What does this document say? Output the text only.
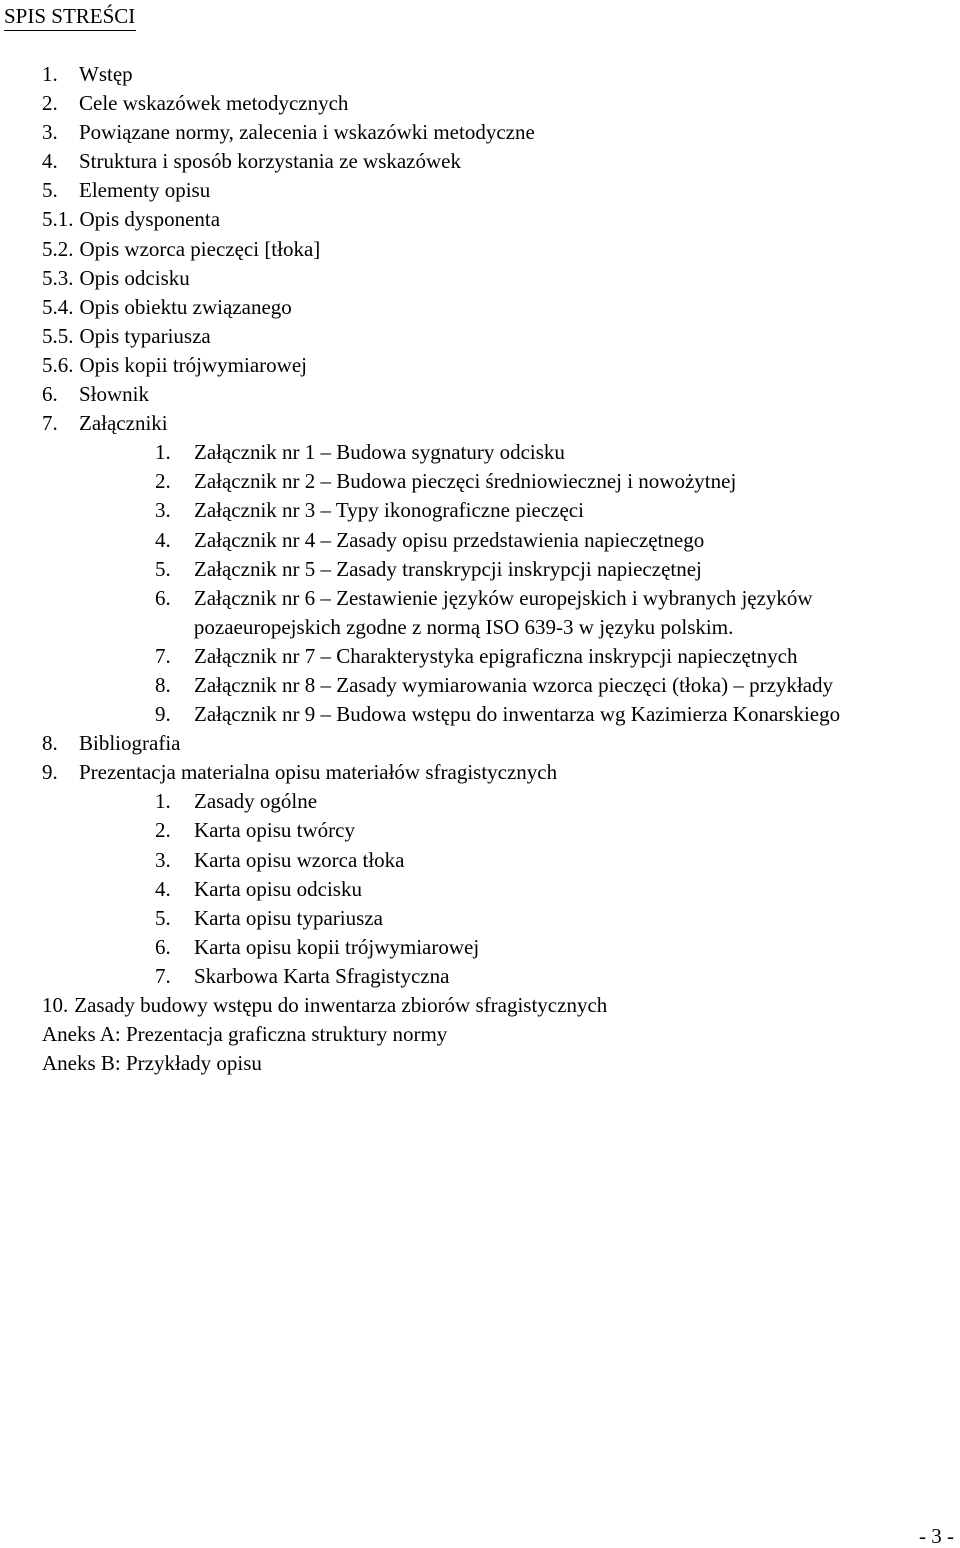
SPIS STREŚCI
1.	Wstęp
2.	Cele wskazówek metodycznych
3.	Powiązane normy, zalecenia i wskazówki metodyczne
4.	Struktura i sposób korzystania ze wskazówek
5.	Elementy opisu
5.1. Opis dysponenta
5.2. Opis wzorca pieczęci [tłoka]
5.3. Opis odcisku
5.4. Opis obiektu związanego
5.5. Opis typariusza
5.6. Opis kopii trójwymiarowej
6.	Słownik
7.	Załączniki
1.	Załącznik nr 1 – Budowa sygnatury odcisku
2.	Załącznik nr 2 – Budowa pieczęci średniowiecznej i nowożytnej
3.	Załącznik nr 3 – Typy ikonograficzne pieczęci
4.	Załącznik nr 4 – Zasady opisu przedstawienia napieczętnego
5.	Załącznik nr 5 – Zasady transkrypcji inskrypcji napieczętnej
6.	Załącznik nr 6 – Zestawienie języków europejskich i wybranych języków pozaeuropejskich zgodne z normą ISO 639-3 w języku polskim.
7.	Załącznik nr 7 – Charakterystyka epigraficzna inskrypcji napieczętnych
8.	Załącznik nr 8 – Zasady wymiarowania wzorca pieczęci (tłoka) – przykłady
9.	Załącznik nr 9 – Budowa wstępu do inwentarza wg Kazimierza Konarskiego
8.	Bibliografia
9.	Prezentacja materialna opisu materiałów sfragistycznych
1.	Zasady ogólne
2.	Karta opisu twórcy
3.	Karta opisu wzorca tłoka
4.	Karta opisu odcisku
5.	Karta opisu typariusza
6.	Karta opisu kopii trójwymiarowej
7.	Skarbowa Karta Sfragistyczna
10. Zasady budowy wstępu do inwentarza zbiorów sfragistycznych
Aneks A: Prezentacja graficzna struktury normy
Aneks B: Przykłady opisu
- 3 -
